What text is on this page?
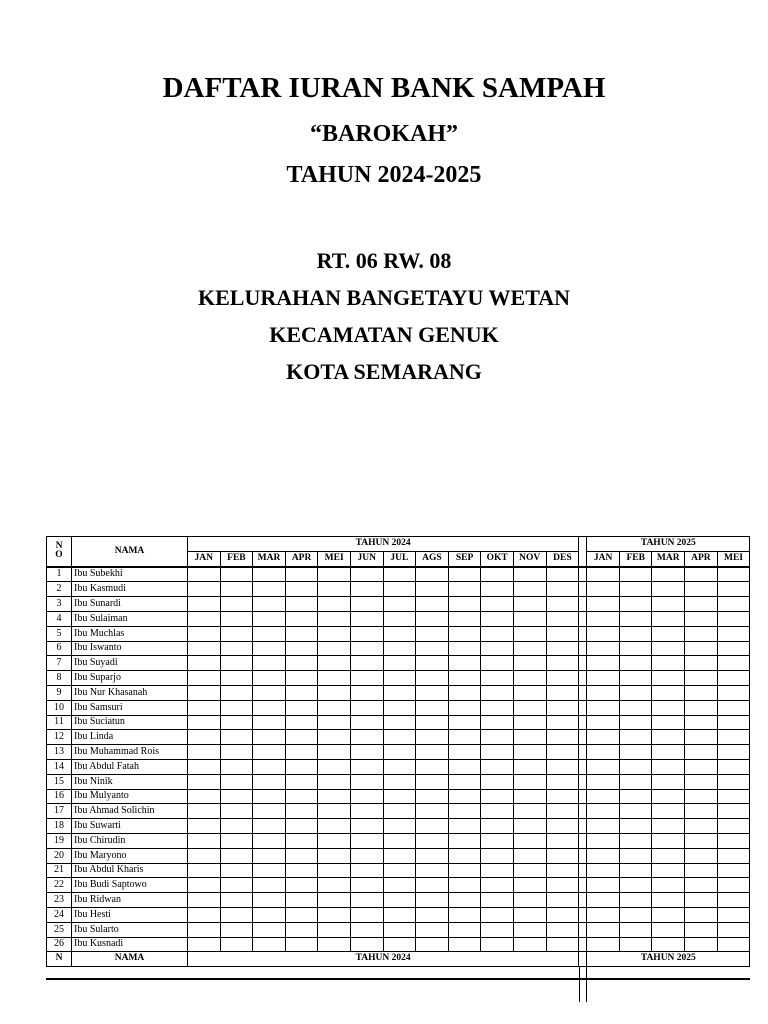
DAFTAR IURAN BANK SAMPAH
“BAROKAH”
TAHUN 2024-2025
RT. 06 RW. 08
KELURAHAN BANGETAYU WETAN
KECAMATAN GENUK
KOTA SEMARANG
N
O	NAMA	TAHUN 2024													TAHUN 2025				
		JAN	FEB	MAR	APR	MEI	JUN	JUL	AGS	SEP	OKT	NOV	DES		JAN	FEB	MAR	APR	MEI
1	Ibu Subekhi																		
2	Ibu Kasmudi																		
3	Ibu Sunardi																		
4	Ibu Sulaiman																		
5	Ibu Muchlas																		
6	Ibu Iswanto																		
7	Ibu Suyadi																		
8	Ibu Suparjo																		
9	Ibu Nur Khasanah																		
10	Ibu Samsuri																		
11	Ibu Suciatun																		
12	Ibu Linda																		
13	Ibu Muhammad Rois																		
14	Ibu Abdul Fatah																		
15	Ibu Ninik																		
16	Ibu Mulyanto																		
17	Ibu Ahmad Solichin																		
18	Ibu Suwarti																		
19	Ibu Chirudin																		
20	Ibu Maryono																		
21	Ibu Abdul Kharis																		
22	Ibu Budi Saptowo																		
23	Ibu Ridwan																		
24	Ibu Hesti																		
25	Ibu Sularto																		
26	Ibu Kusnadi																		
N	NAMA	TAHUN 2024													TAHUN 2025				
